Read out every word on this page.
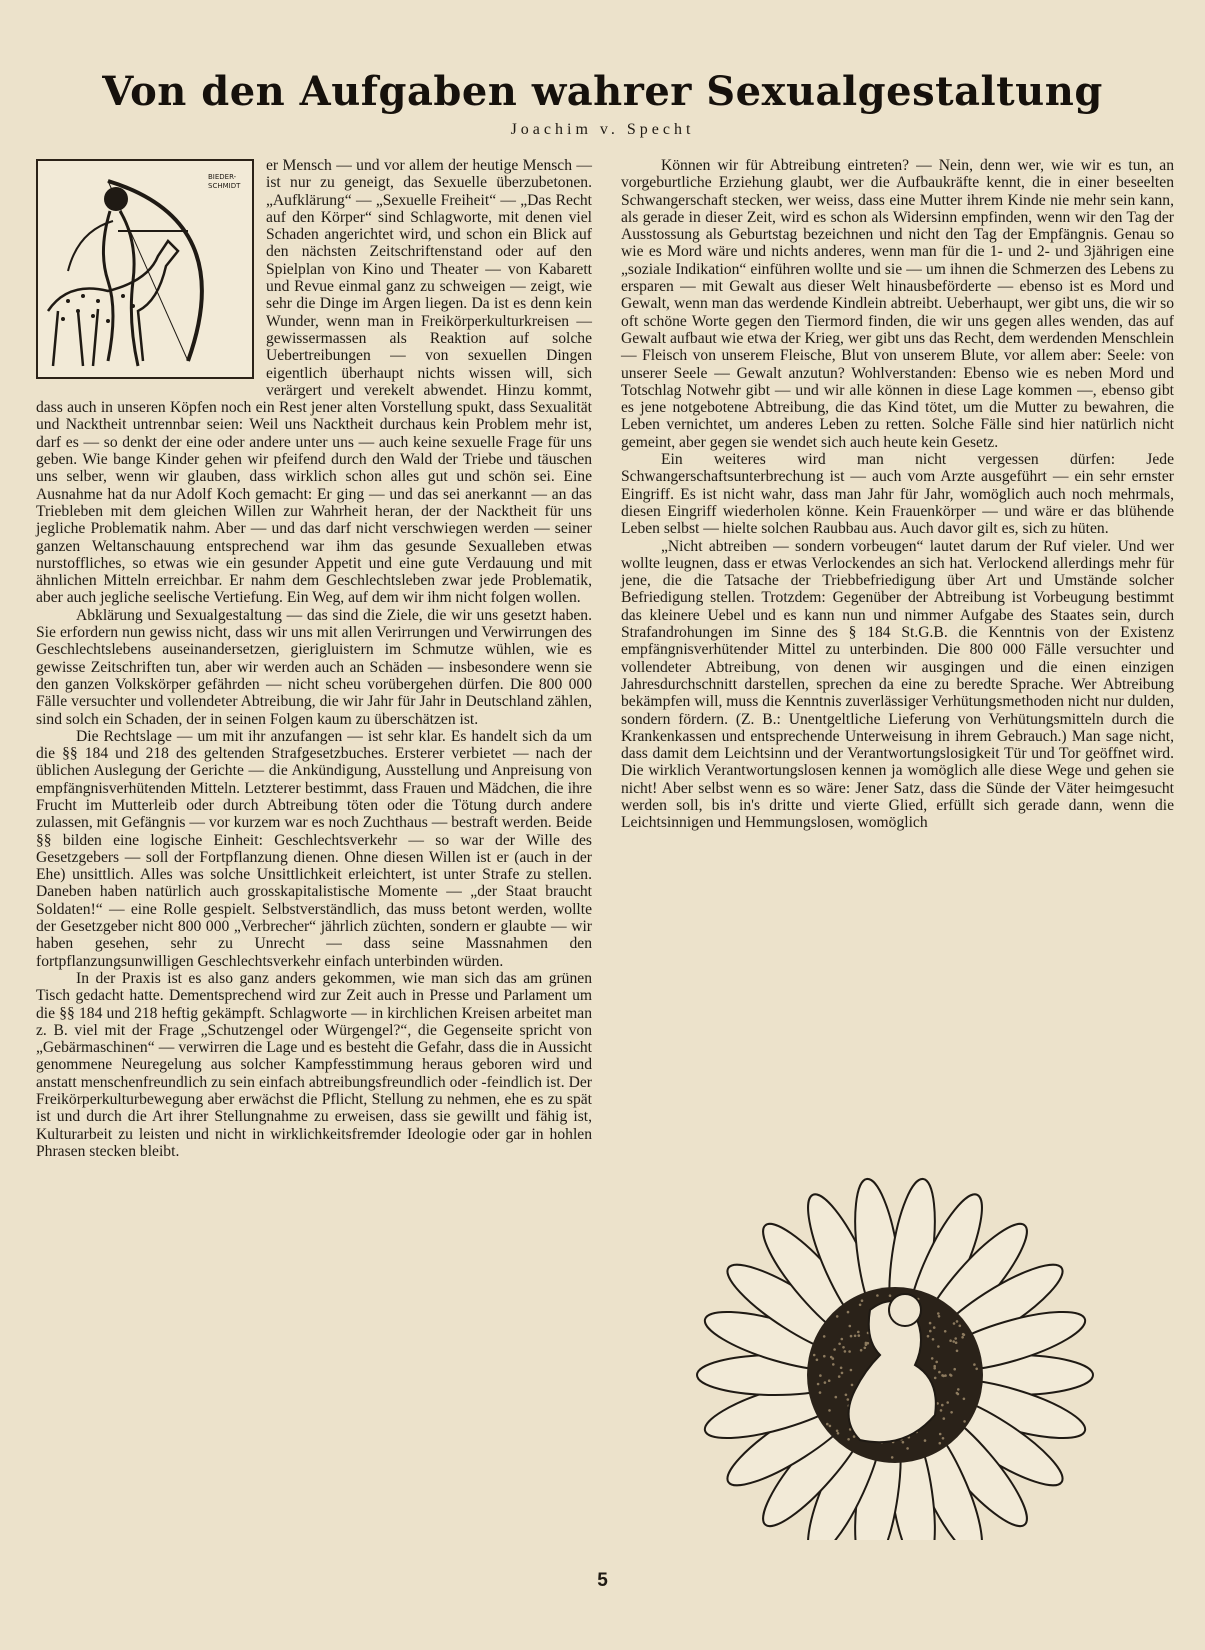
Von den Aufgaben wahrer Sexualgestaltung
Joachim v. Specht
BIEDER-
SCHMIDT

er Mensch — und vor allem der heutige Mensch — ist nur zu geneigt, das Sexuelle überzubetonen. „Aufklärung“ — „Sexuelle Freiheit“ — „Das Recht auf den Körper“ sind Schlagworte, mit denen viel Schaden angerichtet wird, und schon ein Blick auf den nächsten Zeitschriftenstand oder auf den Spielplan von Kino und Theater — von Kabarett und Revue einmal ganz zu schweigen — zeigt, wie sehr die Dinge im Argen liegen. Da ist es denn kein Wunder, wenn man in Freikörperkulturkreisen — gewissermassen als Reaktion auf solche Uebertreibungen — von sexuellen Dingen eigentlich überhaupt nichts wissen will, sich verärgert und verekelt abwendet. Hinzu kommt, dass auch in unseren Köpfen noch ein Rest jener alten Vorstellung spukt, dass Sexualität und Nacktheit untrennbar seien: Weil uns Nacktheit durchaus kein Problem mehr ist, darf es — so denkt der eine oder andere unter uns — auch keine sexuelle Frage für uns geben. Wie bange Kinder gehen wir pfeifend durch den Wald der Triebe und täuschen uns selber, wenn wir glauben, dass wirklich schon alles gut und schön sei. Eine Ausnahme hat da nur Adolf Koch gemacht: Er ging — und das sei anerkannt — an das Triebleben mit dem gleichen Willen zur Wahrheit heran, der der Nacktheit für uns jegliche Problematik nahm. Aber — und das darf nicht verschwiegen werden — seiner ganzen Weltanschauung entsprechend war ihm das gesunde Sexualleben etwas nurstoffliches, so etwas wie ein gesunder Appetit und eine gute Verdauung und mit ähnlichen Mitteln erreichbar. Er nahm dem Geschlechtsleben zwar jede Problematik, aber auch jegliche seelische Vertiefung. Ein Weg, auf dem wir ihm nicht folgen wollen.

Abklärung und Sexualgestaltung — das sind die Ziele, die wir uns gesetzt haben. Sie erfordern nun gewiss nicht, dass wir uns mit allen Verirrungen und Verwirrungen des Geschlechtslebens auseinandersetzen, gierigluistern im Schmutze wühlen, wie es gewisse Zeitschriften tun, aber wir werden auch an Schäden — insbesondere wenn sie den ganzen Volkskörper gefährden — nicht scheu vorübergehen dürfen. Die 800 000 Fälle versuchter und vollendeter Abtreibung, die wir Jahr für Jahr in Deutschland zählen, sind solch ein Schaden, der in seinen Folgen kaum zu überschätzen ist.

Die Rechtslage — um mit ihr anzufangen — ist sehr klar. Es handelt sich da um die §§ 184 und 218 des geltenden Strafgesetzbuches. Ersterer verbietet — nach der üblichen Auslegung der Gerichte — die Ankündigung, Ausstellung und Anpreisung von empfängnisverhütenden Mitteln. Letzterer bestimmt, dass Frauen und Mädchen, die ihre Frucht im Mutterleib oder durch Abtreibung töten oder die Tötung durch andere zulassen, mit Gefängnis — vor kurzem war es noch Zuchthaus — bestraft werden. Beide §§ bilden eine logische Einheit: Geschlechtsverkehr — so war der Wille des Gesetzgebers — soll der Fortpflanzung dienen. Ohne diesen Willen ist er (auch in der Ehe) unsittlich. Alles was solche Unsittlichkeit erleichtert, ist unter Strafe zu stellen. Daneben haben natürlich auch grosskapitalistische Momente — „der Staat braucht Soldaten!“ — eine Rolle gespielt. Selbstverständlich, das muss betont werden, wollte der Gesetzgeber nicht 800 000 „Verbrecher“ jährlich züchten, sondern er glaubte — wir haben gesehen, sehr zu Unrecht — dass seine Massnahmen den fortpflanzungsunwilligen Geschlechtsverkehr einfach unterbinden würden.

In der Praxis ist es also ganz anders gekommen, wie man sich das am grünen Tisch gedacht hatte. Dementsprechend wird zur Zeit auch in Presse und Parlament um die §§ 184 und 218 heftig gekämpft. Schlagworte — in kirchlichen Kreisen arbeitet man z. B. viel mit der Frage „Schutzengel oder Würgengel?“, die Gegenseite spricht von „Gebärmaschinen“ — verwirren die Lage und es besteht die Gefahr, dass die in Aussicht genommene Neuregelung aus solcher Kampfesstimmung heraus geboren wird und anstatt menschenfreundlich zu sein einfach abtreibungsfreundlich oder -feindlich ist. Der Freikörperkulturbewegung aber erwächst die Pflicht, Stellung zu nehmen, ehe es zu spät ist und durch die Art ihrer Stellungnahme zu erweisen, dass sie gewillt und fähig ist, Kulturarbeit zu leisten und nicht in wirklichkeitsfremder Ideologie oder gar in hohlen Phrasen stecken bleibt.

Können wir für Abtreibung eintreten? — Nein, denn wer, wie wir es tun, an vorgeburtliche Erziehung glaubt, wer die Aufbaukräfte kennt, die in einer beseelten Schwangerschaft stecken, wer weiss, dass eine Mutter ihrem Kinde nie mehr sein kann, als gerade in dieser Zeit, wird es schon als Widersinn empfinden, wenn wir den Tag der Ausstossung als Geburtstag bezeichnen und nicht den Tag der Empfängnis. Genau so wie es Mord wäre und nichts anderes, wenn man für die 1- und 2- und 3jährigen eine „soziale Indikation“ einführen wollte und sie — um ihnen die Schmerzen des Lebens zu ersparen — mit Gewalt aus dieser Welt hinausbeförderte — ebenso ist es Mord und Gewalt, wenn man das werdende Kindlein abtreibt. Ueberhaupt, wer gibt uns, die wir so oft schöne Worte gegen den Tiermord finden, die wir uns gegen alles wenden, das auf Gewalt aufbaut wie etwa der Krieg, wer gibt uns das Recht, dem werdenden Menschlein — Fleisch von unserem Fleische, Blut von unserem Blute, vor allem aber: Seele: von unserer Seele — Gewalt anzutun? Wohlverstanden: Ebenso wie es neben Mord und Totschlag Notwehr gibt — und wir alle können in diese Lage kommen —, ebenso gibt es jene notgebotene Abtreibung, die das Kind tötet, um die Mutter zu bewahren, die Leben vernichtet, um anderes Leben zu retten. Solche Fälle sind hier natürlich nicht gemeint, aber gegen sie wendet sich auch heute kein Gesetz.

Ein weiteres wird man nicht vergessen dürfen: Jede Schwangerschaftsunterbrechung ist — auch vom Arzte ausgeführt — ein sehr ernster Eingriff. Es ist nicht wahr, dass man Jahr für Jahr, womöglich auch noch mehrmals, diesen Eingriff wiederholen könne. Kein Frauenkörper — und wäre er das blühende Leben selbst — hielte solchen Raubbau aus. Auch davor gilt es, sich zu hüten.

„Nicht abtreiben — sondern vorbeugen“ lautet darum der Ruf vieler. Und wer wollte leugnen, dass er etwas Verlockendes an sich hat. Verlockend allerdings mehr für jene, die die Tatsache der Triebbefriedigung über Art und Umstände solcher Befriedigung stellen. Trotzdem: Gegenüber der Abtreibung ist Vorbeugung bestimmt das kleinere Uebel und es kann nun und nimmer Aufgabe des Staates sein, durch Strafandrohungen im Sinne des § 184 St.G.B. die Kenntnis von der Existenz empfängnisverhütender Mittel zu unterbinden. Die 800 000 Fälle versuchter und vollendeter Abtreibung, von denen wir ausgingen und die einen einzigen Jahresdurchschnitt darstellen, sprechen da eine zu beredte Sprache. Wer Abtreibung bekämpfen will, muss die Kenntnis zuverlässiger Verhütungsmethoden nicht nur dulden, sondern fördern. (Z. B.: Unentgeltliche Lieferung von Verhütungsmitteln durch die Krankenkassen und entsprechende Unterweisung in ihrem Gebrauch.) Man sage nicht, dass damit dem Leichtsinn und der Verantwortungslosigkeit Tür und Tor geöffnet wird. Die wirklich Verantwortungslosen kennen ja womöglich alle diese Wege und gehen sie nicht! Aber selbst wenn es so wäre: Jener Satz, dass die Sünde der Väter heimgesucht werden soll, bis in's dritte und vierte Glied, erfüllt sich gerade dann, wenn die Leichtsinnigen und Hemmungslosen, womöglich

5
